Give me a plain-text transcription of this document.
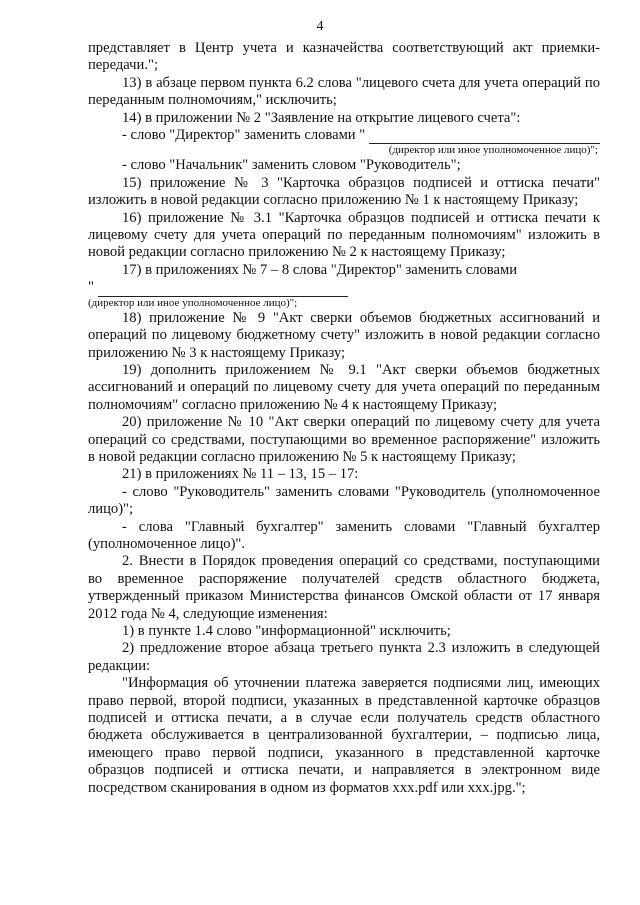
4

представляет в Центр учета и казначейства соответствующий акт приемки-передачи.";

13) в абзаце первом пункта 6.2 слова "лицевого счета для учета операций по переданным полномочиям," исключить;

14) в приложении № 2 "Заявление на открытие лицевого счета":

- слово "Директор" заменить словами "
(директор или иное уполномоченное лицо)";

- слово "Начальник" заменить словом "Руководитель";

15) приложение № 3 "Карточка образцов подписей и оттиска печати" изложить в новой редакции согласно приложению № 1 к настоящему Приказу;

16) приложение № 3.1 "Карточка образцов подписей и оттиска печати к лицевому счету для учета операций по переданным полномочиям" изложить в новой редакции согласно приложению № 2 к настоящему Приказу;

17) в приложениях № 7 – 8 слова "Директор" заменить словами

"
(директор или иное уполномоченное лицо)";

18) приложение № 9 "Акт сверки объемов бюджетных ассигнований и операций по лицевому бюджетному счету" изложить в новой редакции согласно приложению № 3 к настоящему Приказу;

19) дополнить приложением № 9.1 "Акт сверки объемов бюджетных ассигнований и операций по лицевому счету для учета операций по переданным полномочиям" согласно приложению № 4 к настоящему Приказу;

20) приложение № 10 "Акт сверки операций по лицевому счету для учета операций со средствами, поступающими во временное распоряжение" изложить в новой редакции согласно приложению № 5 к настоящему Приказу;

21) в приложениях № 11 – 13, 15 – 17:

- слово "Руководитель" заменить словами "Руководитель (уполномоченное лицо)";

- слова "Главный бухгалтер" заменить словами "Главный бухгалтер (уполномоченное лицо)".

2. Внести в Порядок проведения операций со средствами, поступающими во временное распоряжение получателей средств областного бюджета, утвержденный приказом Министерства финансов Омской области от 17 января 2012 года № 4, следующие изменения:

1) в пункте 1.4 слово "информационной" исключить;

2) предложение второе абзаца третьего пункта 2.3 изложить в следующей редакции:

"Информация об уточнении платежа заверяется подписями лиц, имеющих право первой, второй подписи, указанных в представленной карточке образцов подписей и оттиска печати, а в случае если получатель средств областного бюджета обслуживается в централизованной бухгалтерии, – подписью лица, имеющего право первой подписи, указанного в представленной карточке образцов подписей и оттиска печати, и направляется в электронном виде посредством сканирования в одном из форматов xxx.pdf или xxx.jpg.";
